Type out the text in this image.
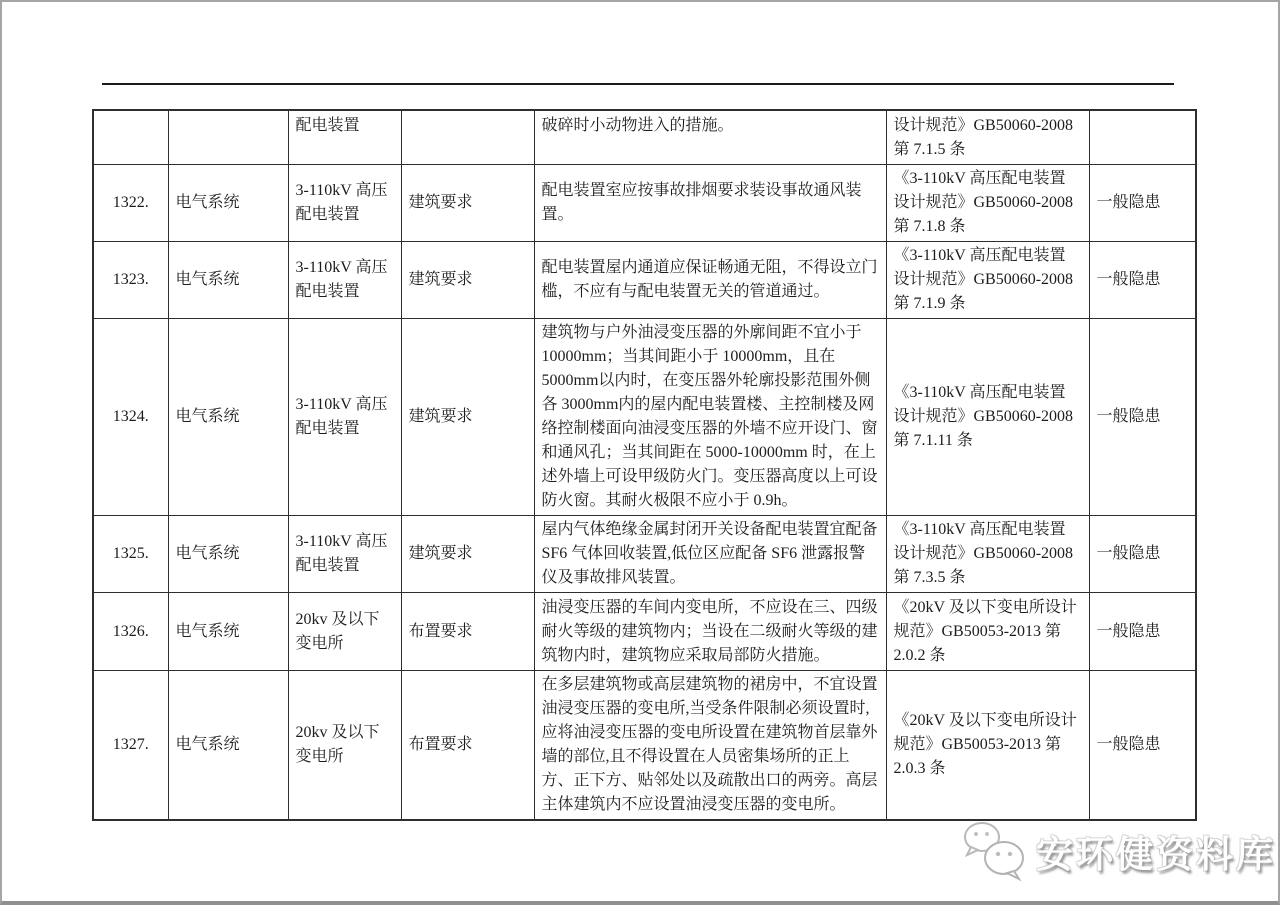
		配电装置		破碎时小动物进入的措施。	设计规范》GB50060-2008
第 7.1.5 条	
1322.	电气系统	3-110kV 高压
配电装置	建筑要求	配电装置室应按事故排烟要求装设事故通风装置。	《3-110kV 高压配电装置
设计规范》GB50060-2008
第 7.1.8 条	一般隐患
1323.	电气系统	3-110kV 高压
配电装置	建筑要求	配电装置屋内通道应保证畅通无阻，不得设立门槛，不应有与配电装置无关的管道通过。	《3-110kV 高压配电装置
设计规范》GB50060-2008
第 7.1.9 条	一般隐患
1324.	电气系统	3-110kV 高压
配电装置	建筑要求	建筑物与户外油浸变压器的外廓间距不宜小于10000mm；当其间距小于 10000mm，且在 5000mm以内时，在变压器外轮廓投影范围外侧各 3000mm内的屋内配电装置楼、主控制楼及网络控制楼面向油浸变压器的外墙不应开设门、窗和通风孔；当其间距在 5000-10000mm 时，在上述外墙上可设甲级防火门。变压器高度以上可设防火窗。其耐火极限不应小于 0.9h。	《3-110kV 高压配电装置
设计规范》GB50060-2008
第 7.1.11 条	一般隐患
1325.	电气系统	3-110kV 高压
配电装置	建筑要求	屋内气体绝缘金属封闭开关设备配电装置宜配备SF6 气体回收装置,低位区应配备 SF6 泄露报警仪及事故排风装置。	《3-110kV 高压配电装置
设计规范》GB50060-2008
第 7.3.5 条	一般隐患
1326.	电气系统	20kv 及以下
变电所	布置要求	油浸变压器的车间内变电所，不应设在三、四级耐火等级的建筑物内；当设在二级耐火等级的建筑物内时，建筑物应采取局部防火措施。	《20kV 及以下变电所设计
规范》GB50053-2013 第
2.0.2 条	一般隐患
1327.	电气系统	20kv 及以下
变电所	布置要求	在多层建筑物或高层建筑物的裙房中，不宜设置油浸变压器的变电所,当受条件限制必须设置时,应将油浸变压器的变电所设置在建筑物首层靠外墙的部位,且不得设置在人员密集场所的正上方、正下方、贴邻处以及疏散出口的两旁。高层主体建筑内不应设置油浸变压器的变电所。	《20kV 及以下变电所设计
规范》GB50053-2013 第
2.0.3 条	一般隐患
安环健资料库
